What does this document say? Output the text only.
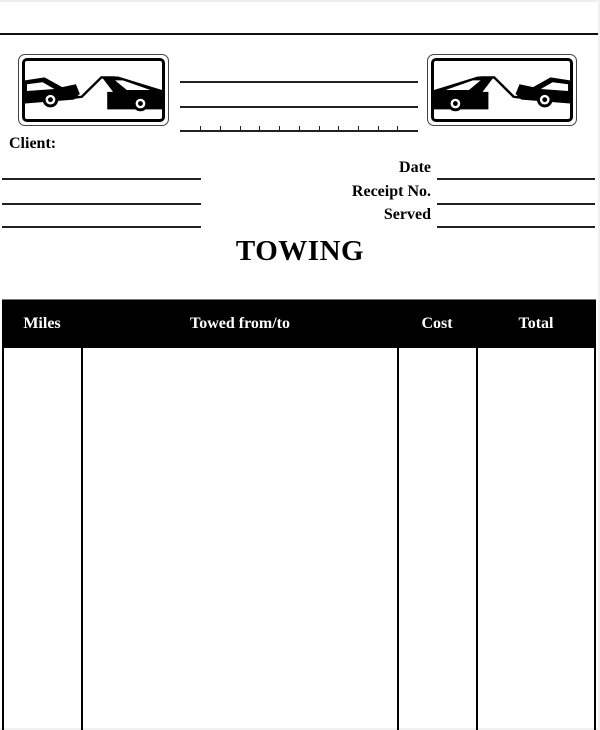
Client:
Date
Receipt No.
Served
TOWING
Miles	Towed from/to	Cost	Total
